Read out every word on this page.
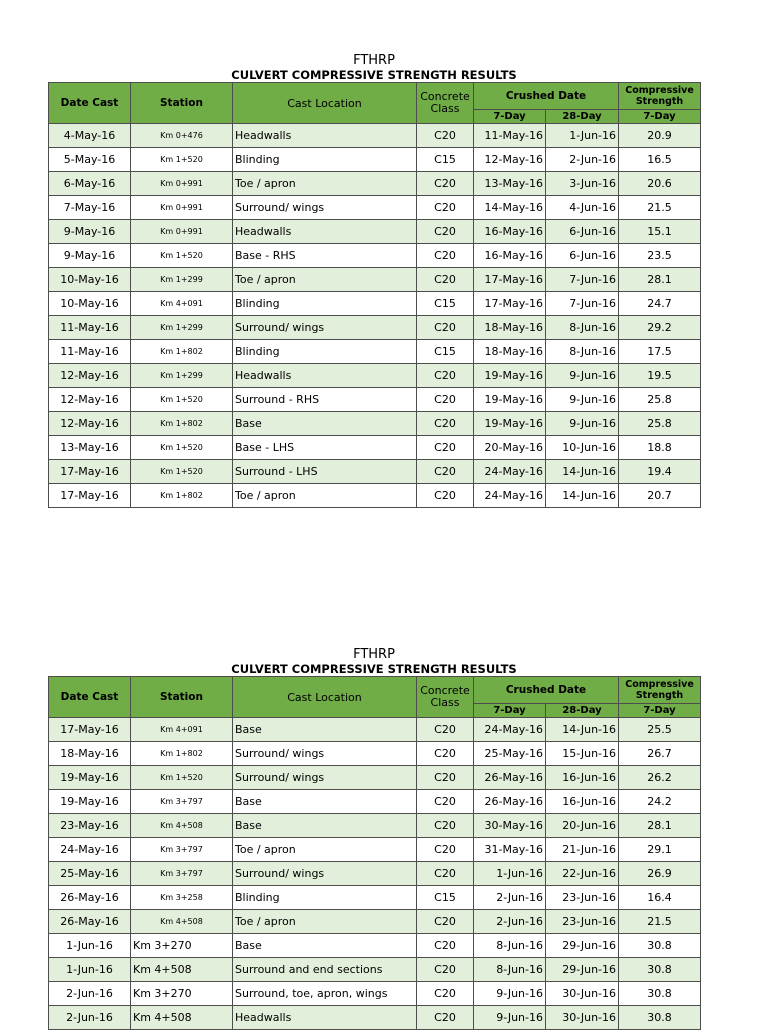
FTHRP
CULVERT COMPRESSIVE STRENGTH RESULTS
Date Cast	Station	Cast Location	Concrete Class	Crushed Date		Compressive Strength
				7-Day	28-Day	7-Day
4-May-16	Km 0+476	Headwalls	C20	11-May-16	1-Jun-16	20.9
5-May-16	Km 1+520	Blinding	C15	12-May-16	2-Jun-16	16.5
6-May-16	Km 0+991	Toe / apron	C20	13-May-16	3-Jun-16	20.6
7-May-16	Km 0+991	Surround/ wings	C20	14-May-16	4-Jun-16	21.5
9-May-16	Km 0+991	Headwalls	C20	16-May-16	6-Jun-16	15.1
9-May-16	Km 1+520	Base - RHS	C20	16-May-16	6-Jun-16	23.5
10-May-16	Km 1+299	Toe / apron	C20	17-May-16	7-Jun-16	28.1
10-May-16	Km 4+091	Blinding	C15	17-May-16	7-Jun-16	24.7
11-May-16	Km 1+299	Surround/ wings	C20	18-May-16	8-Jun-16	29.2
11-May-16	Km 1+802	Blinding	C15	18-May-16	8-Jun-16	17.5
12-May-16	Km 1+299	Headwalls	C20	19-May-16	9-Jun-16	19.5
12-May-16	Km 1+520	Surround - RHS	C20	19-May-16	9-Jun-16	25.8
12-May-16	Km 1+802	Base	C20	19-May-16	9-Jun-16	25.8
13-May-16	Km 1+520	Base - LHS	C20	20-May-16	10-Jun-16	18.8
17-May-16	Km 1+520	Surround - LHS	C20	24-May-16	14-Jun-16	19.4
17-May-16	Km 1+802	Toe / apron	C20	24-May-16	14-Jun-16	20.7
FTHRP
CULVERT COMPRESSIVE STRENGTH RESULTS
Date Cast	Station	Cast Location	Concrete Class	Crushed Date		Compressive Strength
				7-Day	28-Day	7-Day
17-May-16	Km 4+091	Base	C20	24-May-16	14-Jun-16	25.5
18-May-16	Km 1+802	Surround/ wings	C20	25-May-16	15-Jun-16	26.7
19-May-16	Km 1+520	Surround/ wings	C20	26-May-16	16-Jun-16	26.2
19-May-16	Km 3+797	Base	C20	26-May-16	16-Jun-16	24.2
23-May-16	Km 4+508	Base	C20	30-May-16	20-Jun-16	28.1
24-May-16	Km 3+797	Toe / apron	C20	31-May-16	21-Jun-16	29.1
25-May-16	Km 3+797	Surround/ wings	C20	1-Jun-16	22-Jun-16	26.9
26-May-16	Km 3+258	Blinding	C15	2-Jun-16	23-Jun-16	16.4
26-May-16	Km 4+508	Toe / apron	C20	2-Jun-16	23-Jun-16	21.5
1-Jun-16	Km 3+270	Base	C20	8-Jun-16	29-Jun-16	30.8
1-Jun-16	Km 4+508	Surround and end sections	C20	8-Jun-16	29-Jun-16	30.8
2-Jun-16	Km 3+270	Surround, toe, apron, wings	C20	9-Jun-16	30-Jun-16	30.8
2-Jun-16	Km 4+508	Headwalls	C20	9-Jun-16	30-Jun-16	30.8
